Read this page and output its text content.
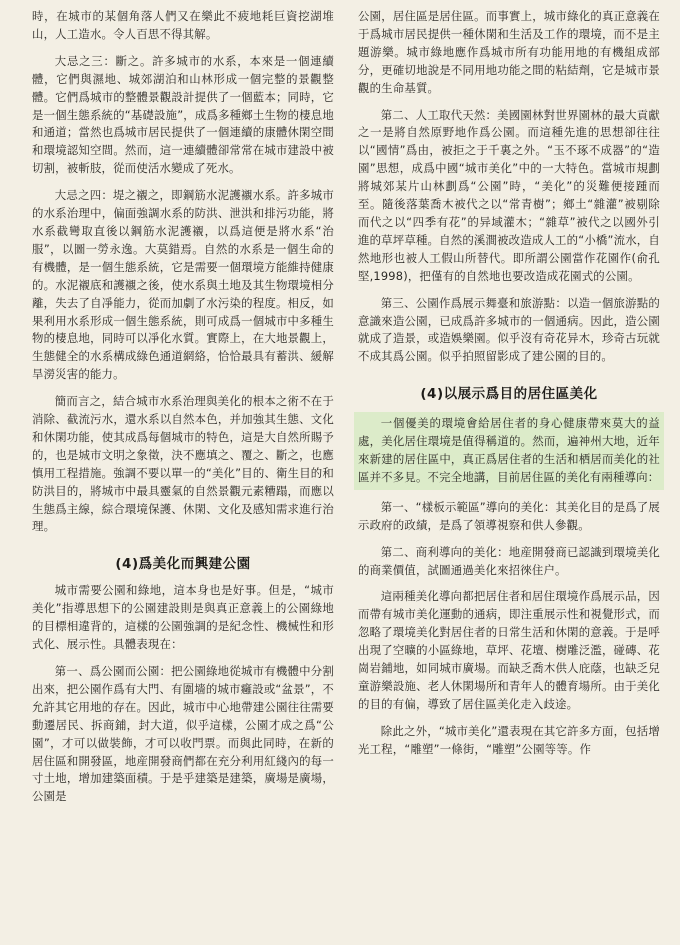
時，在城市的某個角落人們又在樂此不疲地耗巨資挖湖堆山，人工造水。令人百思不得其解。

大忌之三：斷之。許多城市的水系，本來是一個連續體，它們與濕地、城郊湖泊和山林形成一個完整的景觀整體。它們爲城市的整體景觀設計提供了一個藍本；同時，它是一個生態系統的“基礎設施”，成爲多種鄉土生物的棲息地和通道；當然也爲城市居民提供了一個連續的康體休閑空間和環境認知空間。然而，這一連續體卻常常在城市建設中被切割，被斬肢，從而使活水變成了死水。

大忌之四：堤之襯之，即鋼筋水泥護襯水系。許多城市的水系治理中，偏面強調水系的防洪、泄洪和排污功能，將水系截彎取直後以鋼筋水泥護襯，以爲這便是將水系“治服”，以圖一勞永逸。大莫錯焉。自然的水系是一個生命的有機體，是一個生態系統，它是需要一個環境方能維持健康的。水泥襯底和護襯之後，使水系與土地及其生物環境相分離，失去了自凈能力，從而加劇了水污染的程度。相反，如果利用水系形成一個生態系統，則可成爲一個城市中多種生物的棲息地，同時可以凈化水質。實際上，在大地景觀上，生態健全的水系構成綠色通道網絡，恰恰最具有蓄洪、緩解旱澇災害的能力。

簡而言之，結合城市水系治理與美化的根本之術不在于消除、截流污水，還水系以自然本色，并加強其生態、文化和休閑功能，使其成爲每個城市的特色，這是大自然所賜予的，也是城市文明之象徵，決不應填之、覆之、斷之，也應慎用工程措施。強調不要以單一的“美化”目的、衛生目的和防洪目的，將城市中最具靈氣的自然景觀元素糟蹋，而應以生態爲主線，綜合環境保護、休閑、文化及感知需求進行治理。

(4)爲美化而興建公園

城市需要公園和綠地，這本身也是好事。但是，“城市美化”指導思想下的公園建設則是與真正意義上的公園綠地的目標相違背的，這樣的公園強調的是紀念性、機械性和形式化、展示性。具體表現在：

第一、爲公園而公園：把公園綠地從城市有機體中分割出來，把公園作爲有大門、有圍墻的城市癰設或“盆景”，不允許其它用地的存在。因此，城市中心地帶建公園往往需要動遷居民、拆商鋪，封大道，似乎這樣，公園才成之爲“公園”，才可以做裝飾，才可以收門票。而與此同時，在新的居住區和開發區，地産開發商們都在充分利用紅綫內的每一寸土地，增加建築面積。于是乎建築是建築，廣場是廣場，公園是

公園，居住區是居住區。而事實上，城市綠化的真正意義在于爲城市居民提供一種休閑和生活及工作的環境，而不是主題游樂。城市綠地應作爲城市所有功能用地的有機組成部分，更確切地說是不同用地功能之間的粘結劑，它是城市景觀的生命基質。

第二、人工取代天然：美國園林對世界園林的最大貢獻之一是將自然原野地作爲公園。而這種先進的思想卻往往以“國情”爲由，被拒之于千裏之外。“玉不琢不成器”的“造園”思想，成爲中國“城市美化”中的一大特色。當城市規劃將城郊某片山林劃爲“公園”時，“美化”的災難便接踵而至。隨後落葉喬木被代之以“常青樹”；鄉土“雜灌”被剔除而代之以“四季有花”的异域灌木；“雜草”被代之以國外引進的草坪草種。自然的溪澗被改造成人工的“小橋”流水，自然地形也被人工假山所替代。即所謂公園當作花園作(俞孔堅,1998)，把僅有的自然地也要改造成花園式的公園。

第三、公園作爲展示舞臺和旅游點：以造一個旅游點的意識來造公園，已成爲許多城市的一個通病。因此，造公園就成了造景，或造娛樂園。似乎沒有奇花异木，珍奇古玩就不成其爲公園。似乎拍照留影成了建公園的目的。

(4)以展示爲目的居住區美化

一個優美的環境會給居住者的身心健康帶來莫大的益處，美化居住環境是值得稱道的。然而，遍神州大地，近年來新建的居住區中，真正爲居住者的生活和栖居而美化的社區并不多見。不完全地講，目前居住區的美化有兩種導向：

第一、“樣板示範區”導向的美化：其美化目的是爲了展示政府的政績，是爲了領導視察和供人參觀。

第二、商利導向的美化：地産開發商已認識到環境美化的商業價值，試圖通過美化來招徠住户。

這兩種美化導向都把居住者和居住環境作爲展示品，因而帶有城市美化運動的通病，即注重展示性和視覺形式，而忽略了環境美化對居住者的日常生活和休閑的意義。于是呼出現了空曠的小區綠地，草坪、花壇、樹雕泛濫，碰磚、花崗岩鋪地，如同城市廣場。而缺乏喬木供人庇蔭，也缺乏兒童游樂設施、老人休閑場所和青年人的體育場所。由于美化的目的有偏，導致了居住區美化走入歧途。

除此之外，“城市美化”還表現在其它許多方面，包括增光工程，“雕塑”一條街，“雕塑”公園等等。作
